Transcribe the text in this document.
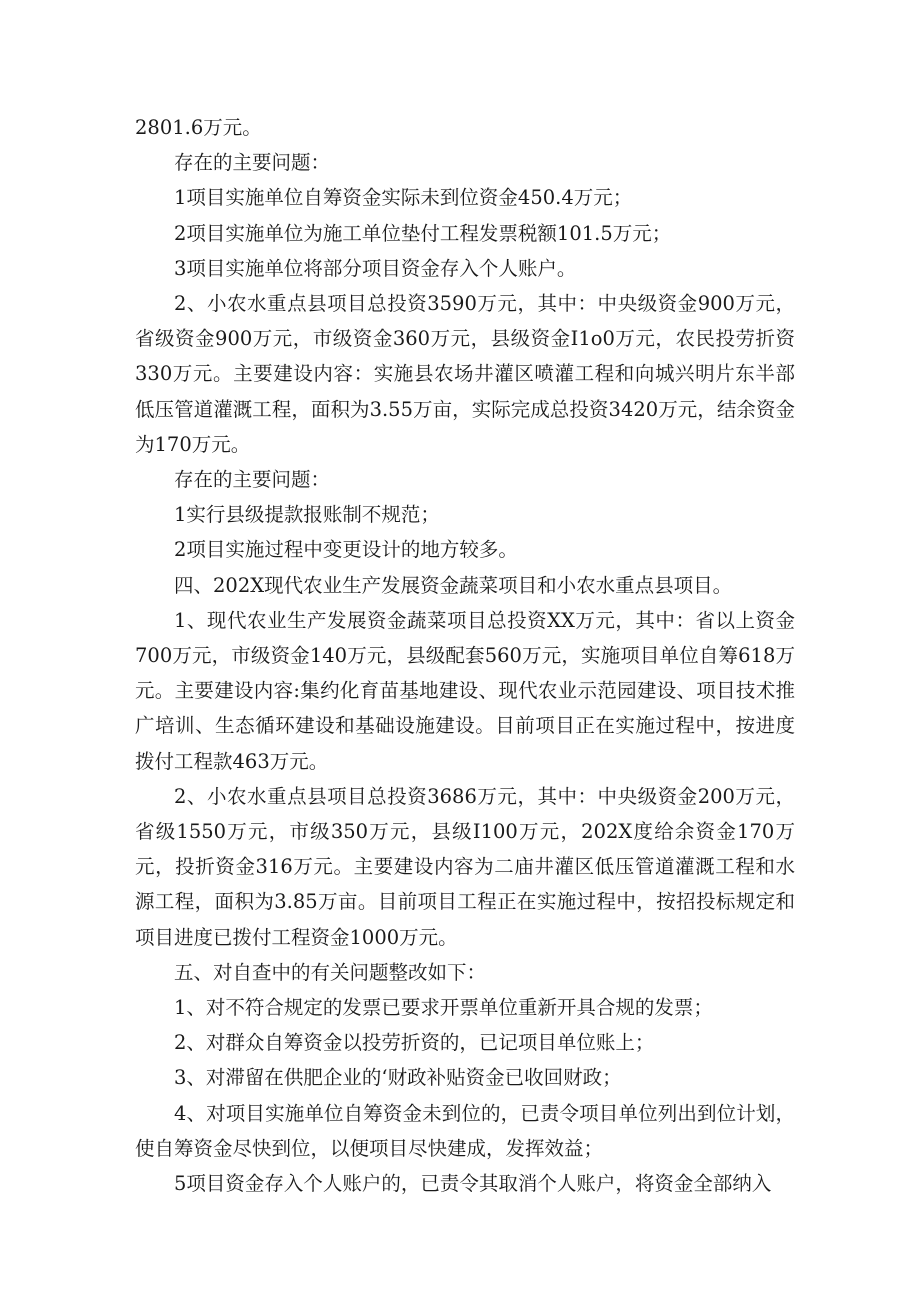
2801.6万元。

存在的主要问题：

1项目实施单位自筹资金实际未到位资金450.4万元；

2项目实施单位为施工单位垫付工程发票税额101.5万元；

3项目实施单位将部分项目资金存入个人账户。

2、小农水重点县项目总投资3590万元，其中：中央级资金900万元，省级资金900万元，市级资金360万元，县级资金I1o0万元，农民投劳折资330万元。主要建设内容：实施县农场井灌区喷灌工程和向城兴明片东半部低压管道灌溉工程，面积为3.55万亩，实际完成总投资3420万元，结余资金为170万元。

存在的主要问题：

1实行县级提款报账制不规范；

2项目实施过程中变更设计的地方较多。

四、202X现代农业生产发展资金蔬菜项目和小农水重点县项目。

1、现代农业生产发展资金蔬菜项目总投资XX万元，其中：省以上资金700万元，市级资金140万元，县级配套560万元，实施项目单位自筹618万元。主要建设内容:集约化育苗基地建设、现代农业示范园建设、项目技术推广培训、生态循环建设和基础设施建设。目前项目正在实施过程中，按进度拨付工程款463万元。

2、小农水重点县项目总投资3686万元，其中：中央级资金200万元，省级1550万元，市级350万元，县级I100万元，202X度给余资金170万元，投折资金316万元。主要建设内容为二庙井灌区低压管道灌溉工程和水源工程，面积为3.85万亩。目前项目工程正在实施过程中，按招投标规定和项目进度已拨付工程资金1000万元。

五、对自查中的有关问题整改如下：

1、对不符合规定的发票已要求开票单位重新开具合规的发票；

2、对群众自筹资金以投劳折资的，已记项目单位账上；

3、对滞留在供肥企业的‘财政补贴资金已收回财政；

4、对项目实施单位自筹资金未到位的，已责令项目单位列出到位计划，使自筹资金尽快到位，以便项目尽快建成，发挥效益；

5项目资金存入个人账户的，已责令其取消个人账户，将资金全部纳入
